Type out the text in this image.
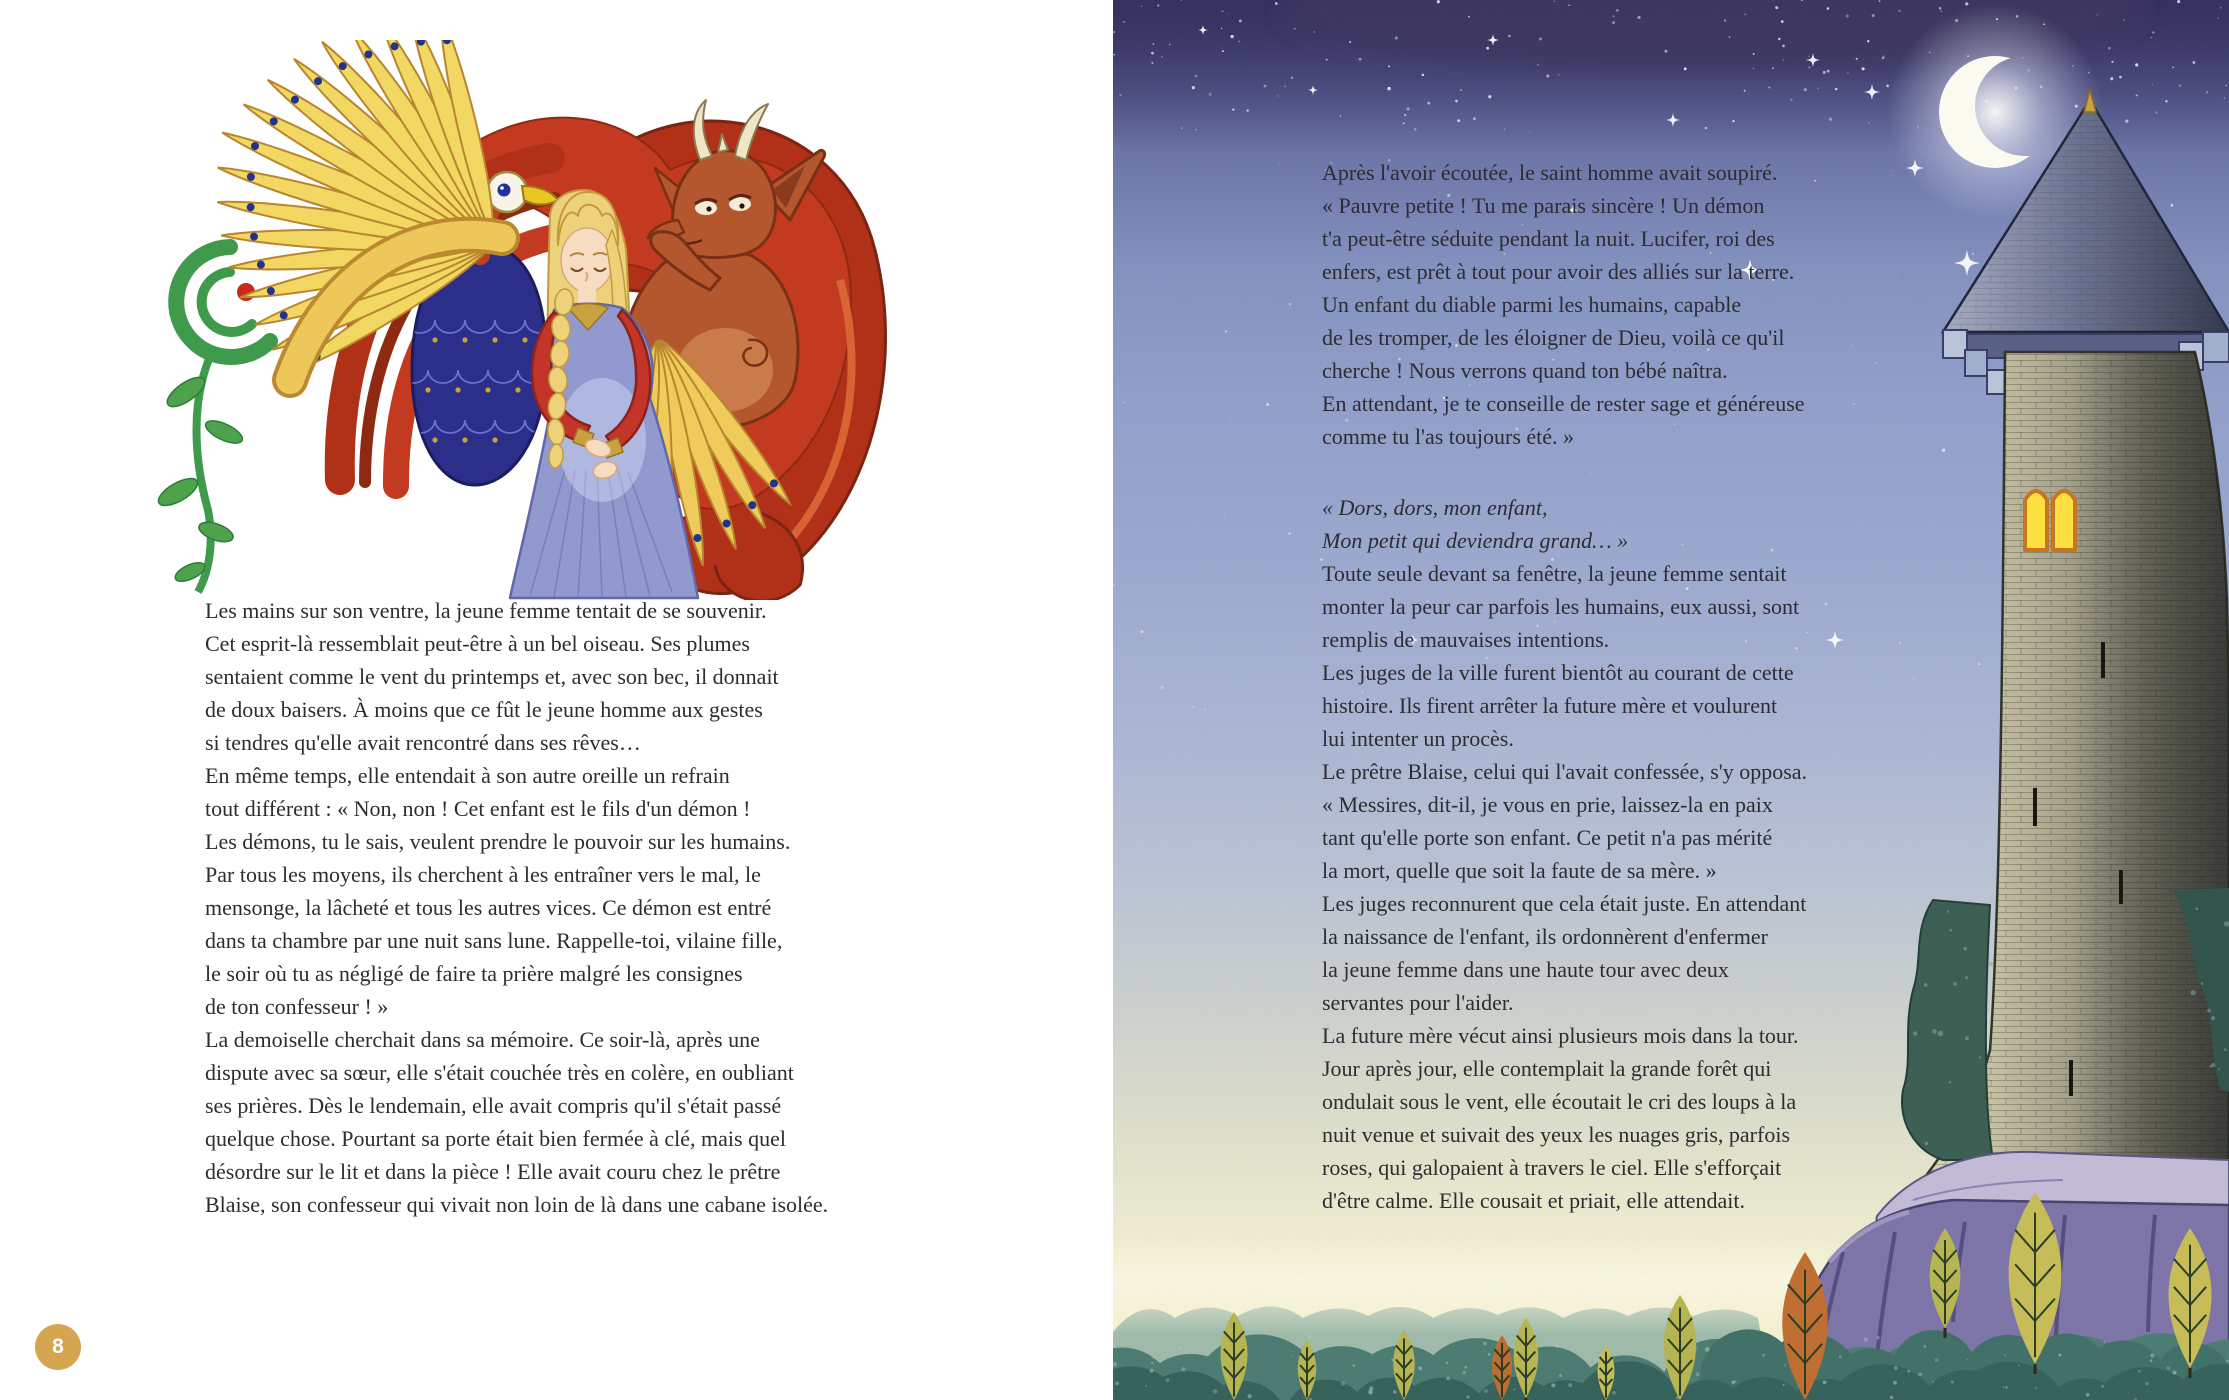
Les mains sur son ventre, la jeune femme tentait de se souvenir.
Cet esprit-là ressemblait peut-être à un bel oiseau. Ses plumes
sentaient comme le vent du printemps et, avec son bec, il donnait
de doux baisers. À moins que ce fût le jeune homme aux gestes
si tendres qu'elle avait rencontré dans ses rêves…
En même temps, elle entendait à son autre oreille un refrain
tout différent : « Non, non ! Cet enfant est le fils d'un démon !
Les démons, tu le sais, veulent prendre le pouvoir sur les humains.
Par tous les moyens, ils cherchent à les entraîner vers le mal, le
mensonge, la lâcheté et tous les autres vices. Ce démon est entré
dans ta chambre par une nuit sans lune. Rappelle-toi, vilaine fille,
le soir où tu as négligé de faire ta prière malgré les consignes
de ton confesseur ! »
La demoiselle cherchait dans sa mémoire. Ce soir-là, après une
dispute avec sa sœur, elle s'était couchée très en colère, en oubliant
ses prières. Dès le lendemain, elle avait compris qu'il s'était passé
quelque chose. Pourtant sa porte était bien fermée à clé, mais quel
désordre sur le lit et dans la pièce ! Elle avait couru chez le prêtre
Blaise, son confesseur qui vivait non loin de là dans une cabane isolée.
8
Après l'avoir écoutée, le saint homme avait soupiré.
« Pauvre petite ! Tu me parais sincère ! Un démon
t'a peut-être séduite pendant la nuit. Lucifer, roi des
enfers, est prêt à tout pour avoir des alliés sur la terre.
Un enfant du diable parmi les humains, capable
de les tromper, de les éloigner de Dieu, voilà ce qu'il
cherche ! Nous verrons quand ton bébé naîtra.
En attendant, je te conseille de rester sage et généreuse
comme tu l'as toujours été. »
« Dors, dors, mon enfant,
Mon petit qui deviendra grand… »
Toute seule devant sa fenêtre, la jeune femme sentait
monter la peur car parfois les humains, eux aussi, sont
remplis de mauvaises intentions.
Les juges de la ville furent bientôt au courant de cette
histoire. Ils firent arrêter la future mère et voulurent
lui intenter un procès.
Le prêtre Blaise, celui qui l'avait confessée, s'y opposa.
« Messires, dit-il, je vous en prie, laissez-la en paix
tant qu'elle porte son enfant. Ce petit n'a pas mérité
la mort, quelle que soit la faute de sa mère. »
Les juges reconnurent que cela était juste. En attendant
la naissance de l'enfant, ils ordonnèrent d'enfermer
la jeune femme dans une haute tour avec deux
servantes pour l'aider.
La future mère vécut ainsi plusieurs mois dans la tour.
Jour après jour, elle contemplait la grande forêt qui
ondulait sous le vent, elle écoutait le cri des loups à la
nuit venue et suivait des yeux les nuages gris, parfois
roses, qui galopaient à travers le ciel. Elle s'efforçait
d'être calme. Elle cousait et priait, elle attendait.
